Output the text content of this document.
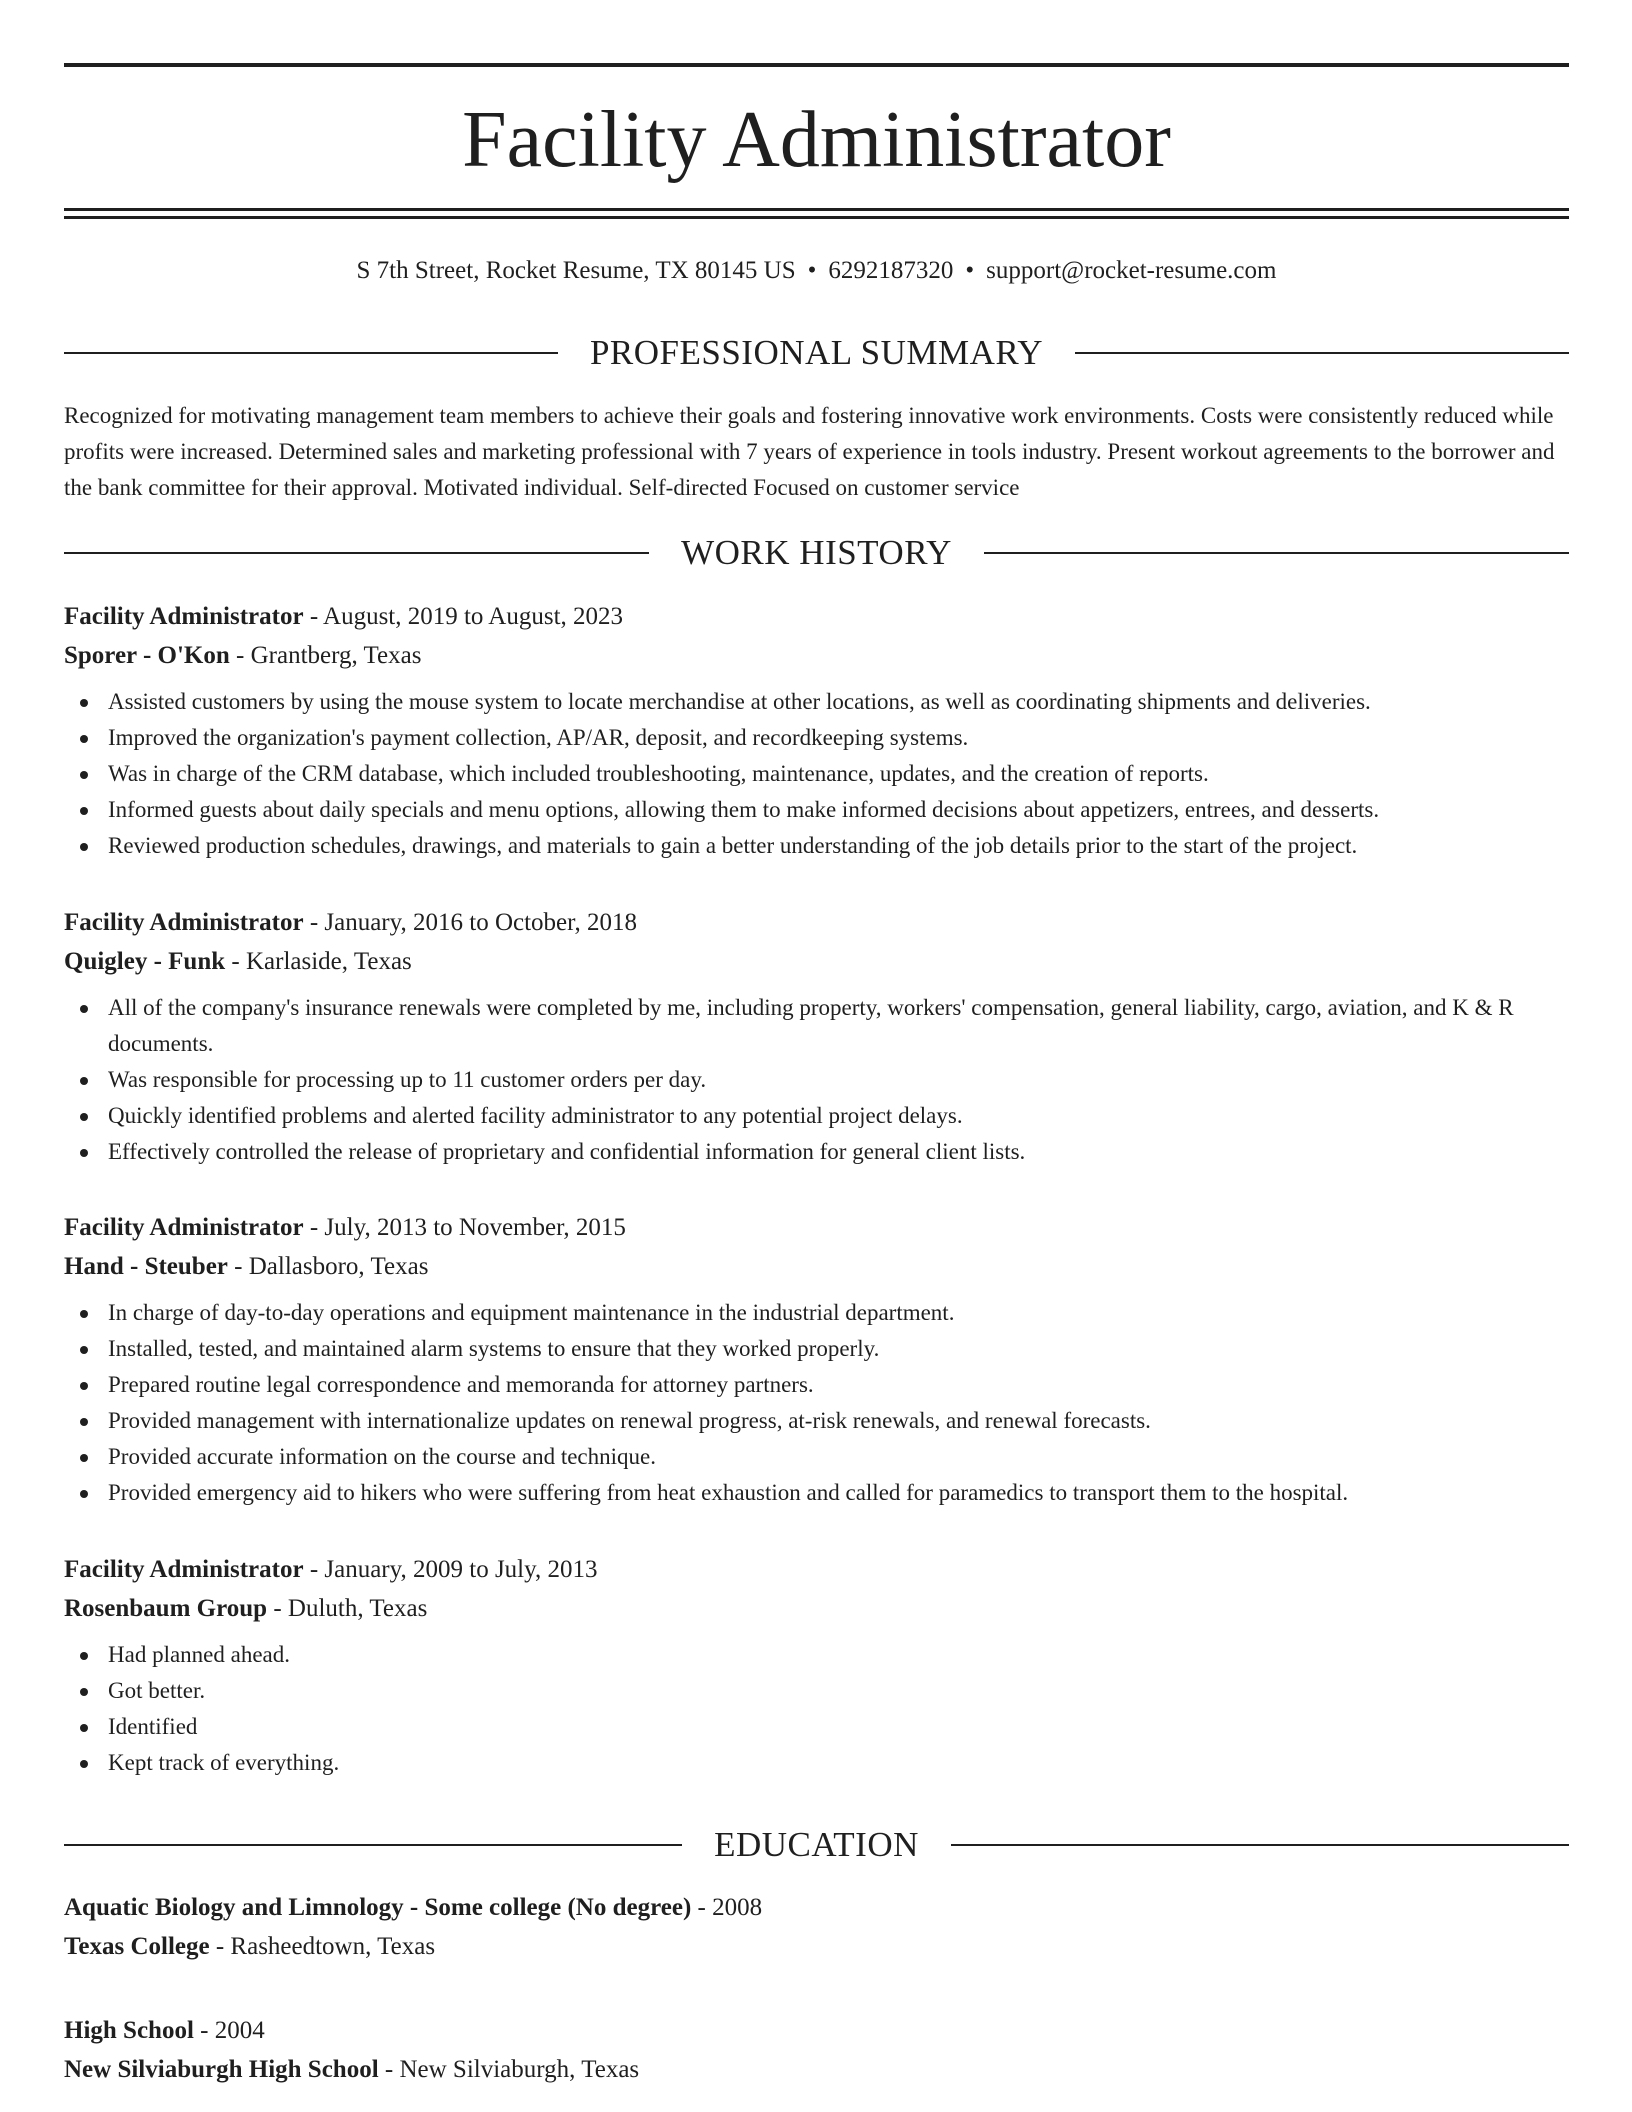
Facility Administrator
S 7th Street, Rocket Resume, TX 80145 US • 6292187320 • support@rocket-resume.com
PROFESSIONAL SUMMARY

Recognized for motivating management team members to achieve their goals and fostering innovative work environments. Costs were consistently reduced while profits were increased. Determined sales and marketing professional with 7 years of experience in tools industry. Present workout agreements to the borrower and the bank committee for their approval. Motivated individual. Self-directed Focused on customer service

WORK HISTORY
Facility Administrator - August, 2019 to August, 2023
Sporer - O'Kon - Grantberg, Texas
Assisted customers by using the mouse system to locate merchandise at other locations, as well as coordinating shipments and deliveries.
Improved the organization's payment collection, AP/AR, deposit, and recordkeeping systems.
Was in charge of the CRM database, which included troubleshooting, maintenance, updates, and the creation of reports.
Informed guests about daily specials and menu options, allowing them to make informed decisions about appetizers, entrees, and desserts.
Reviewed production schedules, drawings, and materials to gain a better understanding of the job details prior to the start of the project.
Facility Administrator - January, 2016 to October, 2018
Quigley - Funk - Karlaside, Texas
All of the company's insurance renewals were completed by me, including property, workers' compensation, general liability, cargo, aviation, and K & R documents.
Was responsible for processing up to 11 customer orders per day.
Quickly identified problems and alerted facility administrator to any potential project delays.
Effectively controlled the release of proprietary and confidential information for general client lists.
Facility Administrator - July, 2013 to November, 2015
Hand - Steuber - Dallasboro, Texas
In charge of day-to-day operations and equipment maintenance in the industrial department.
Installed, tested, and maintained alarm systems to ensure that they worked properly.
Prepared routine legal correspondence and memoranda for attorney partners.
Provided management with internationalize updates on renewal progress, at-risk renewals, and renewal forecasts.
Provided accurate information on the course and technique.
Provided emergency aid to hikers who were suffering from heat exhaustion and called for paramedics to transport them to the hospital.
Facility Administrator - January, 2009 to July, 2013
Rosenbaum Group - Duluth, Texas
Had planned ahead.
Got better.
Identified
Kept track of everything.
EDUCATION
Aquatic Biology and Limnology - Some college (No degree) - 2008
Texas College - Rasheedtown, Texas
High School - 2004
New Silviaburgh High School - New Silviaburgh, Texas
